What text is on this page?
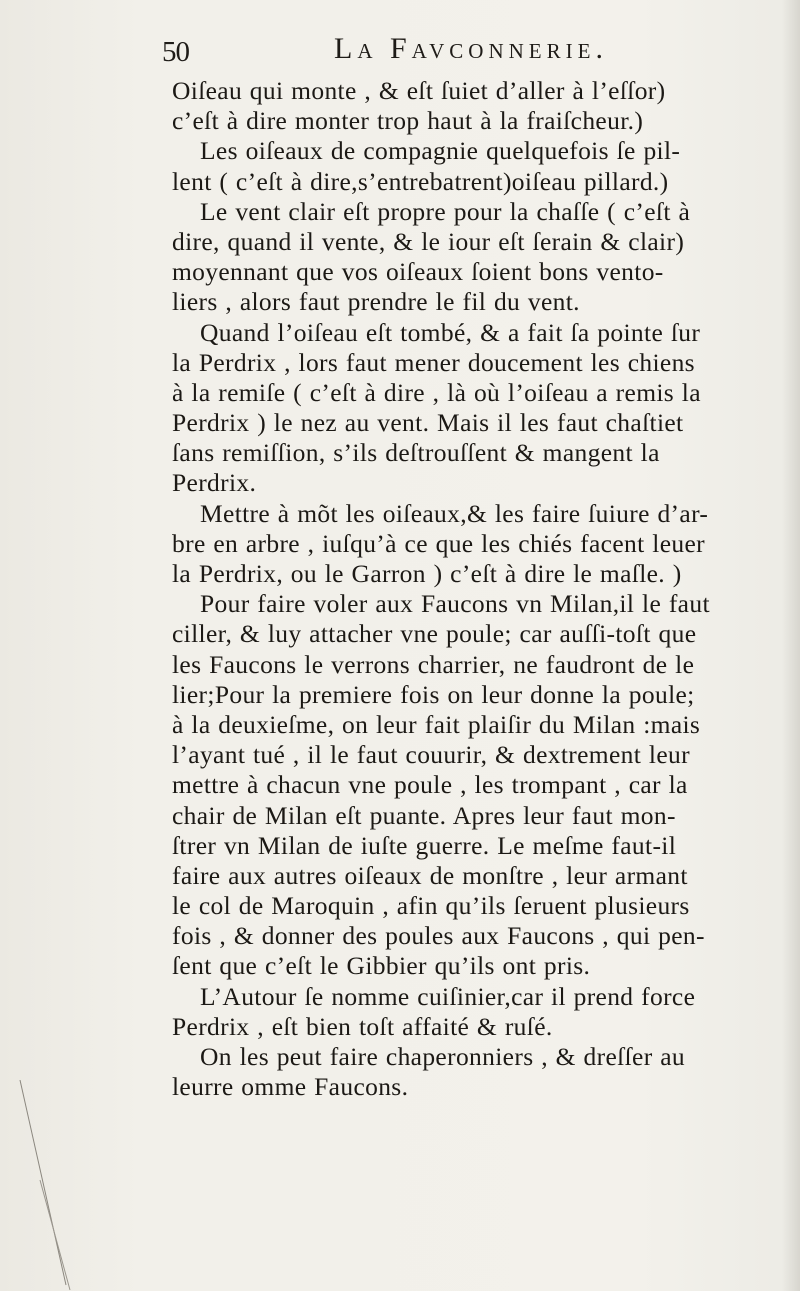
50	La Favconnerie.
Oiſeau qui monte , & eſt ſuiet d’aller à l’eſſor)
c’eſt à dire monter trop haut à la fraiſcheur.)
Les oiſeaux de compagnie quelquefois ſe pil-
lent ( c’eſt à dire,s’entrebatrent)oiſeau pillard.)
Le vent clair eſt propre pour la chaſſe ( c’eſt à
dire, quand il vente, & le iour eſt ſerain & clair)
moyennant que vos oiſeaux ſoient bons vento-
liers , alors faut prendre le fil du vent.
Quand l’oiſeau eſt tombé, & a fait ſa pointe ſur
la Perdrix , lors faut mener doucement les chiens
à la remiſe ( c’eſt à dire , là où l’oiſeau a remis la
Perdrix ) le nez au vent. Mais il les faut chaſtiet
ſans remiſſion, s’ils deſtrouſſent & mangent la
Perdrix.
Mettre à mõt les oiſeaux,& les faire ſuiure d’ar-
bre en arbre , iuſqu’à ce que les chiés facent leuer
la Perdrix, ou le Garron ) c’eſt à dire le maſle. )
Pour faire voler aux Faucons vn Milan,il le faut
ciller, & luy attacher vne poule; car auſſi-toſt que
les Faucons le verrons charrier, ne faudront de le
lier;Pour la premiere fois on leur donne la poule;
à la deuxieſme, on leur fait plaiſir du Milan :mais
l’ayant tué , il le faut couurir, & dextrement leur
mettre à chacun vne poule , les trompant , car la
chair de Milan eſt puante. Apres leur faut mon-
ſtrer vn Milan de iuſte guerre. Le meſme faut-il
faire aux autres oiſeaux de monſtre , leur armant
le col de Maroquin , afin qu’ils ſeruent plusieurs
fois , & donner des poules aux Faucons , qui pen-
ſent que c’eſt le Gibbier qu’ils ont pris.
L’Autour ſe nomme cuiſinier,car il prend force
Perdrix , eſt bien toſt affaité & ruſé.
On les peut faire chaperonniers , & dreſſer au
leurre omme Faucons.
